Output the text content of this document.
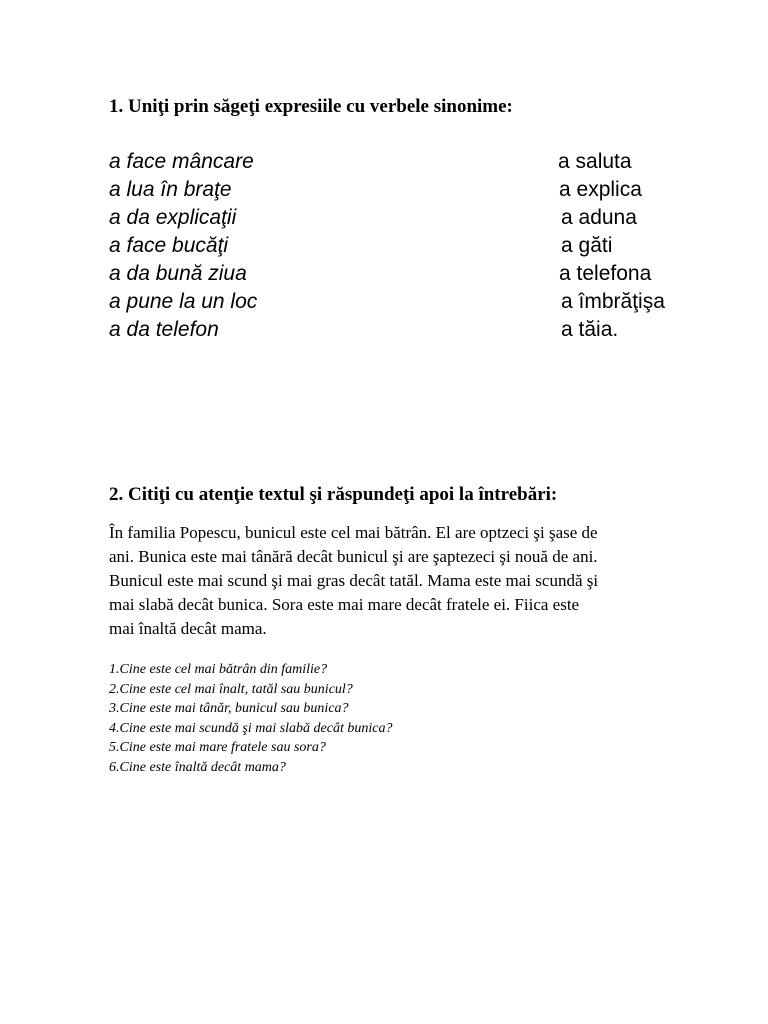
1. Uniţi prin săgeţi expresiile cu verbele sinonime:
a face mâncare
a lua în braţe
a da explicaţii
a face bucăţi
a da bună ziua
a pune la un loc
a da telefon
a saluta
a explica
a aduna
a găti
a telefona
a îmbrăţişa
a tăia.
2. Citiţi cu atenţie textul şi răspundeţi apoi la întrebări:

În familia Popescu, bunicul este cel mai bătrân. El are optzeci şi şase de
ani. Bunica este mai tânără decât bunicul şi are şaptezeci şi nouă de ani.
Bunicul este mai scund şi mai gras decât tatăl. Mama este mai scundă şi
mai slabă decât bunica. Sora este mai mare decât fratele ei. Fiica este
mai înaltă decât mama.

1.Cine este cel mai bătrân din familie?
2.Cine este cel mai înalt, tatăl sau bunicul?
3.Cine este mai tânăr, bunicul sau bunica?
4.Cine este mai scundă şi mai slabă decât bunica?
5.Cine este mai mare fratele sau sora?
6.Cine este înaltă decât mama?
